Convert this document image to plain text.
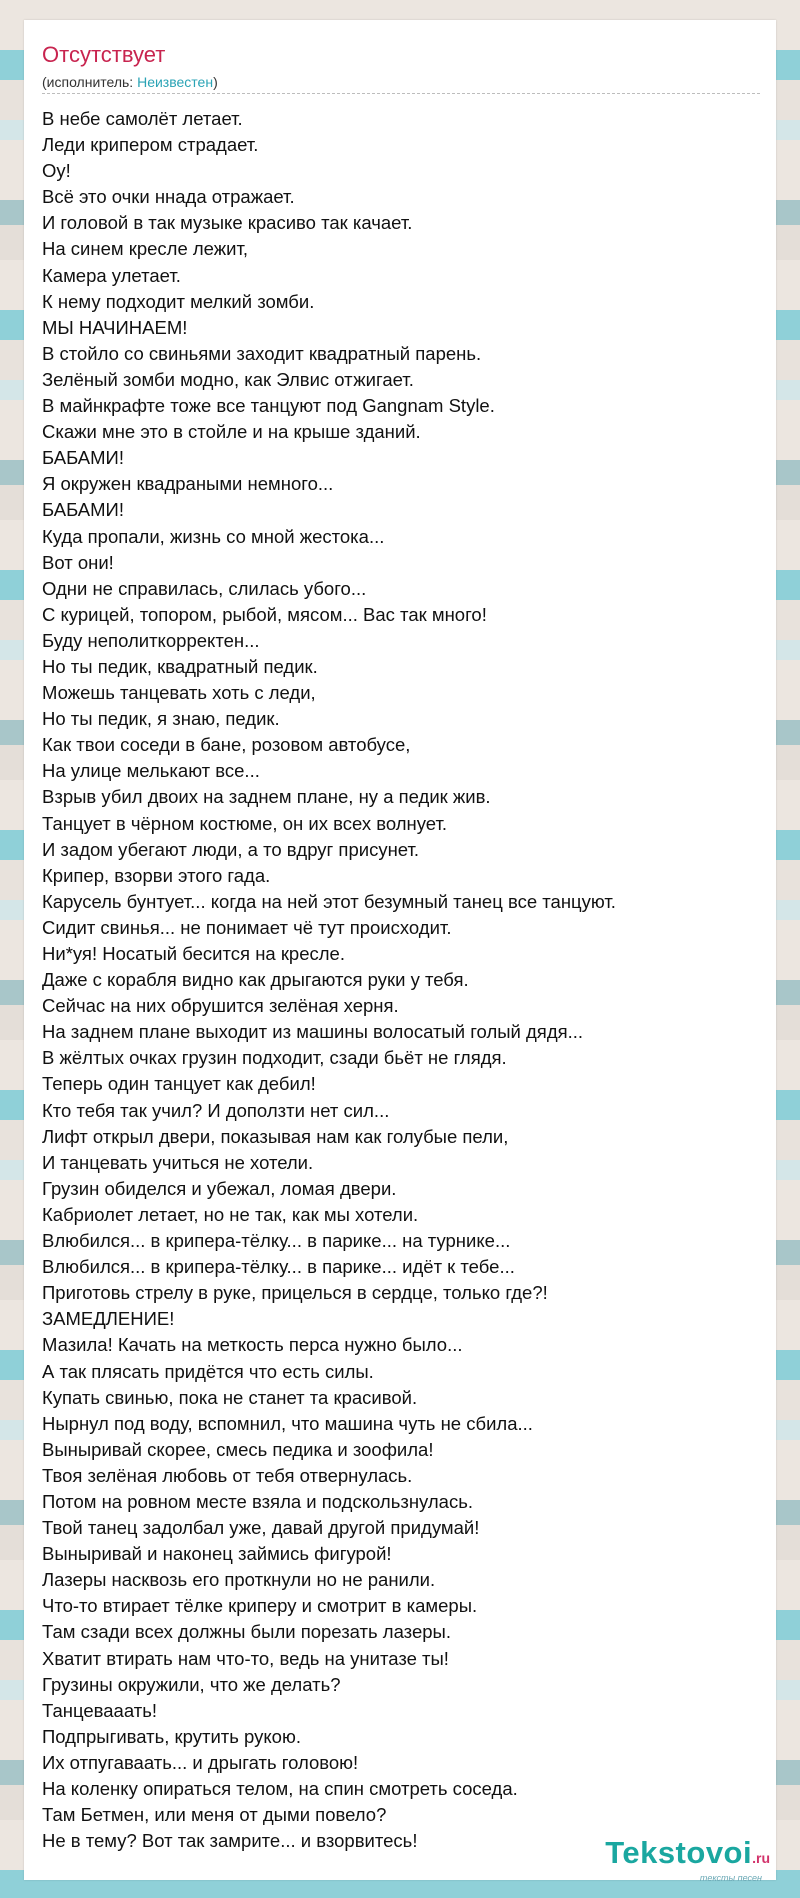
Отсутствует
(исполнитель: Неизвестен)
В небе самолёт летает.
Леди крипером страдает.
Оу!
Всё это очки ннада отражает.
И головой в так музыке красиво так качает.
На синем кресле лежит,
Камера улетает.
К нему подходит мелкий зомби.
МЫ НАЧИНАЕМ!
В стойло со свиньями заходит квадратный парень.
Зелёный зомби модно, как Элвис отжигает.
В майнкрафте тоже все танцуют под Gangnam Style.
Скажи мне это в стойле и на крыше зданий.
БАБАМИ!
Я окружен квадраными немного...
БАБАМИ!
Куда пропали, жизнь со мной жестока...
Вот они!
Одни не справилась, слилась убого...
С курицей, топором, рыбой, мясом... Вас так много!
Буду неполиткорректен...
Но ты педик, квадратный педик.
Можешь танцевать хоть с леди,
Но ты педик, я знаю, педик.
Как твои соседи в бане, розовом автобусе,
На улице мелькают все...
Взрыв убил двоих на заднем плане, ну а педик жив.
Танцует в чёрном костюме, он их всех волнует.
И задом убегают люди, а то вдруг присунет.
Крипер, взорви этого гада.
Карусель бунтует... когда на ней этот безумный танец все танцуют.
Сидит свинья... не понимает чё тут происходит.
Ни*уя! Носатый бесится на кресле.
Даже с корабля видно как дрыгаются руки у тебя.
Сейчас на них обрушится зелёная херня.
На заднем плане выходит из машины волосатый голый дядя...
В жёлтых очках грузин подходит, сзади бьёт не глядя.
Теперь один танцует как дебил!
Кто тебя так учил? И доползти нет сил...
Лифт открыл двери, показывая нам как голубые пели,
И танцевать учиться не хотели.
Грузин обиделся и убежал, ломая двери.
Кабриолет летает, но не так, как мы хотели.
Влюбился... в крипера-тёлку... в парике... на турнике...
Влюбился... в крипера-тёлку... в парике... идёт к тебе...
Приготовь стрелу в руке, прицелься в сердце, только где?!
ЗАМЕДЛЕНИЕ!
Мазила! Качать на меткость перса нужно было...
А так плясать придётся что есть силы.
Купать свинью, пока не станет та красивой.
Нырнул под воду, вспомнил, что машина чуть не сбила...
Выныривай скорее, смесь педика и зоофила!
Твоя зелёная любовь от тебя отвернулась.
Потом на ровном месте взяла и подскользнулась.
Твой танец задолбал уже, давай другой придумай!
Выныривай и наконец займись фигурой!
Лазеры насквозь его проткнули но не ранили.
Что-то втирает тёлке криперу и смотрит в камеры.
Там сзади всех должны были порезать лазеры.
Хватит втирать нам что-то, ведь на унитазе ты!
Грузины окружили, что же делать?
Танцевааать!
Подпрыгивать, крутить рукою.
Их отпугаваать... и дрыгать головою!
На коленку опираться телом, на спин смотреть соседа.
Там Бетмен, или меня от дыми повело?
Не в тему? Вот так замрите... и взорвитесь!	Tekstovoi.ru
тексты песен
